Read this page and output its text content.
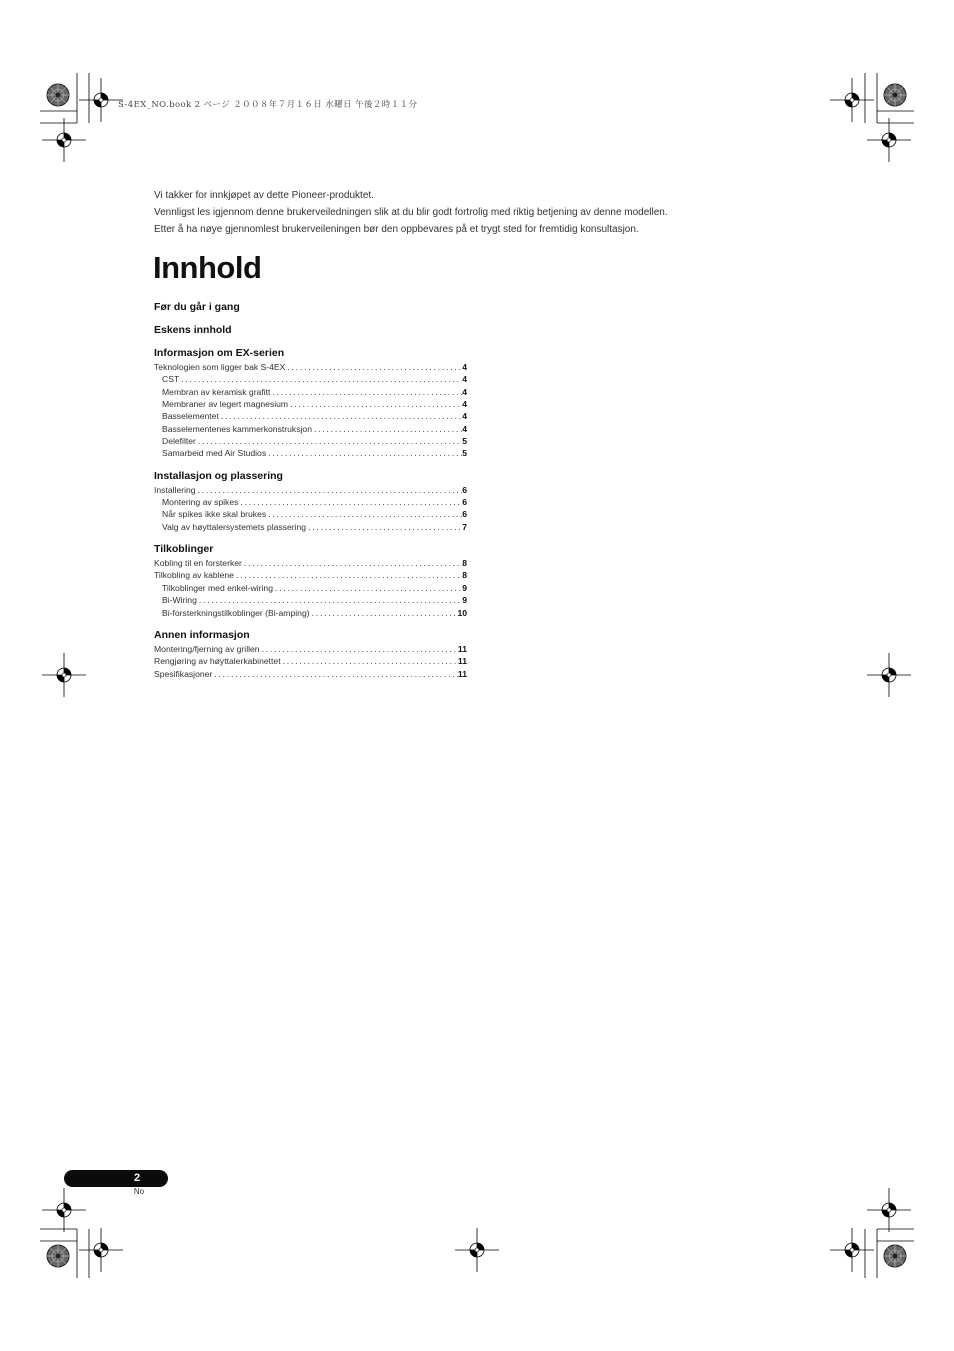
S-4EX_NO.book 2 ページ ２００８年７月１６日 水曜日 午後２時１１分

Vi takker for innkjøpet av dette Pioneer-produktet.

Vennligst les igjennom denne brukerveiledningen slik at du blir godt fortrolig med riktig betjening av denne modellen.

Etter å ha nøye gjennomlest brukerveileningen bør den oppbevares på et trygt sted for fremtidig konsultasjon.

Innhold
Før du går i gang
Eskens innhold
Informasjon om EX-serien
Teknologien som ligger bak S-4EX . . .	4
CST . . .	4
Membran av keramisk grafitt . . .	4
Membraner av legert magnesium . . .	4
Basselementet . . .	4
Basselementenes kammerkonstruksjon . . .	4
Delefilter . . .	5
Samarbeid med Air Studios . . .	5
Installasjon og plassering
Installering . . .	6
Montering av spikes . . .	6
Når spikes ikke skal brukes . . .	6
Valg av høyttalersystemets plassering . . .	7
Tilkoblinger
Kobling til en forsterker . . .	8
Tilkobling av kablene . . .	8
Tilkoblinger med enkel-wiring . . .	9
Bi-Wiring . . .	9
Bi-forsterkningstilkoblinger (Bi-amping) . . .	10
Annen informasjon
Montering/fjerning av grillen . . .	11
Rengjøring av høyttalerkabinettet . . .	11
Spesifikasjoner . . .	11
2
No
